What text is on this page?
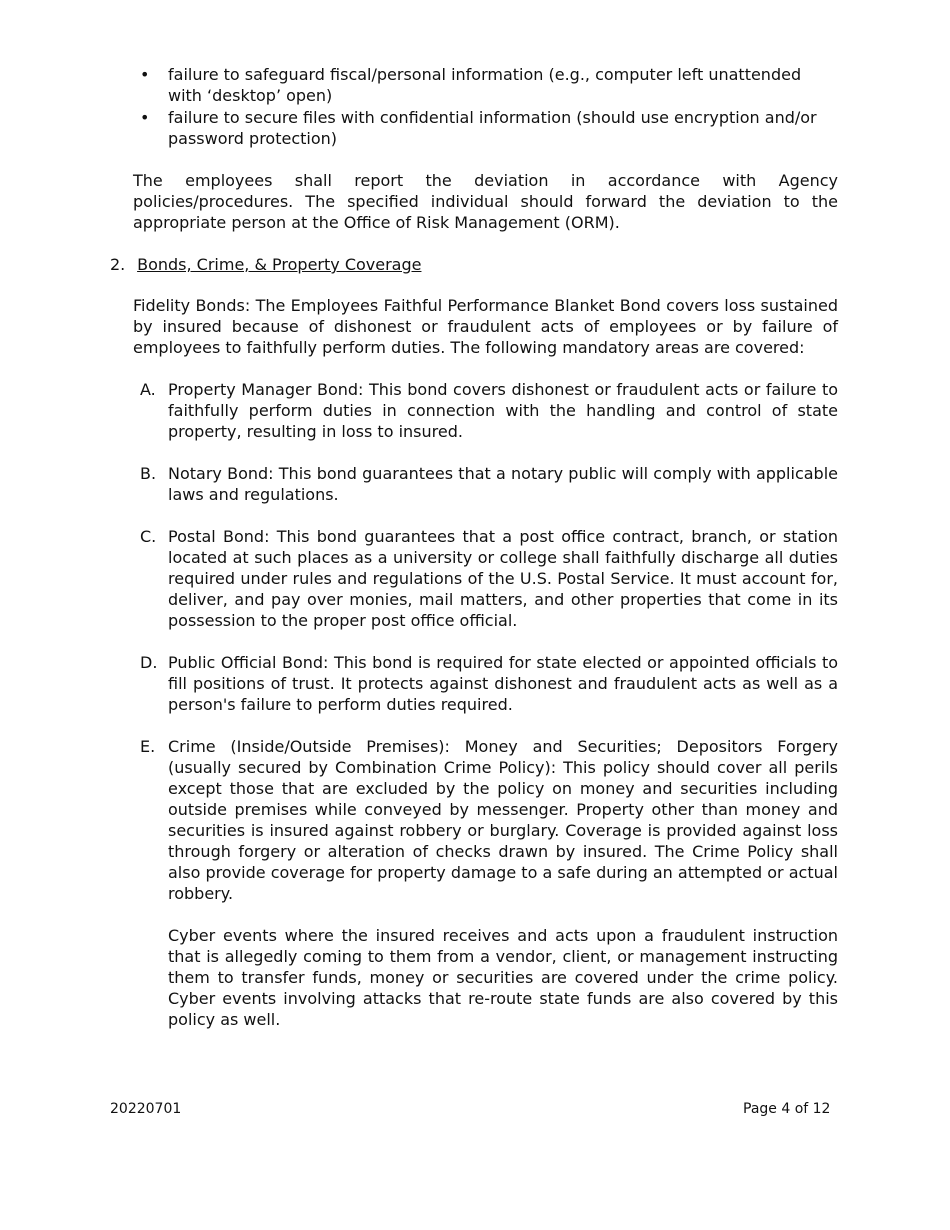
• failure to safeguard fiscal/personal information (e.g., computer left unattended with ‘desktop’ open)
• failure to secure files with confidential information (should use encryption and/or password protection)

The employees shall report the deviation in accordance with Agency policies/procedures. The specified individual should forward the deviation to the appropriate person at the Office of Risk Management (ORM).

2. Bonds, Crime, & Property Coverage

Fidelity Bonds: The Employees Faithful Performance Blanket Bond covers loss sustained by insured because of dishonest or fraudulent acts of employees or by failure of employees to faithfully perform duties. The following mandatory areas are covered:

A. Property Manager Bond: This bond covers dishonest or fraudulent acts or failure to faithfully perform duties in connection with the handling and control of state property, resulting in loss to insured.

B. Notary Bond: This bond guarantees that a notary public will comply with applicable laws and regulations.

C. Postal Bond: This bond guarantees that a post office contract, branch, or station located at such places as a university or college shall faithfully discharge all duties required under rules and regulations of the U.S. Postal Service. It must account for, deliver, and pay over monies, mail matters, and other properties that come in its possession to the proper post office official.

D. Public Official Bond: This bond is required for state elected or appointed officials to fill positions of trust. It protects against dishonest and fraudulent acts as well as a person's failure to perform duties required.

E. Crime (Inside/Outside Premises): Money and Securities; Depositors Forgery (usually secured by Combination Crime Policy): This policy should cover all perils except those that are excluded by the policy on money and securities including outside premises while conveyed by messenger. Property other than money and securities is insured against robbery or burglary. Coverage is provided against loss through forgery or alteration of checks drawn by insured. The Crime Policy shall also provide coverage for property damage to a safe during an attempted or actual robbery.

Cyber events where the insured receives and acts upon a fraudulent instruction that is allegedly coming to them from a vendor, client, or management instructing them to transfer funds, money or securities are covered under the crime policy. Cyber events involving attacks that re-route state funds are also covered by this policy as well.

20220701	Page 4 of 12
